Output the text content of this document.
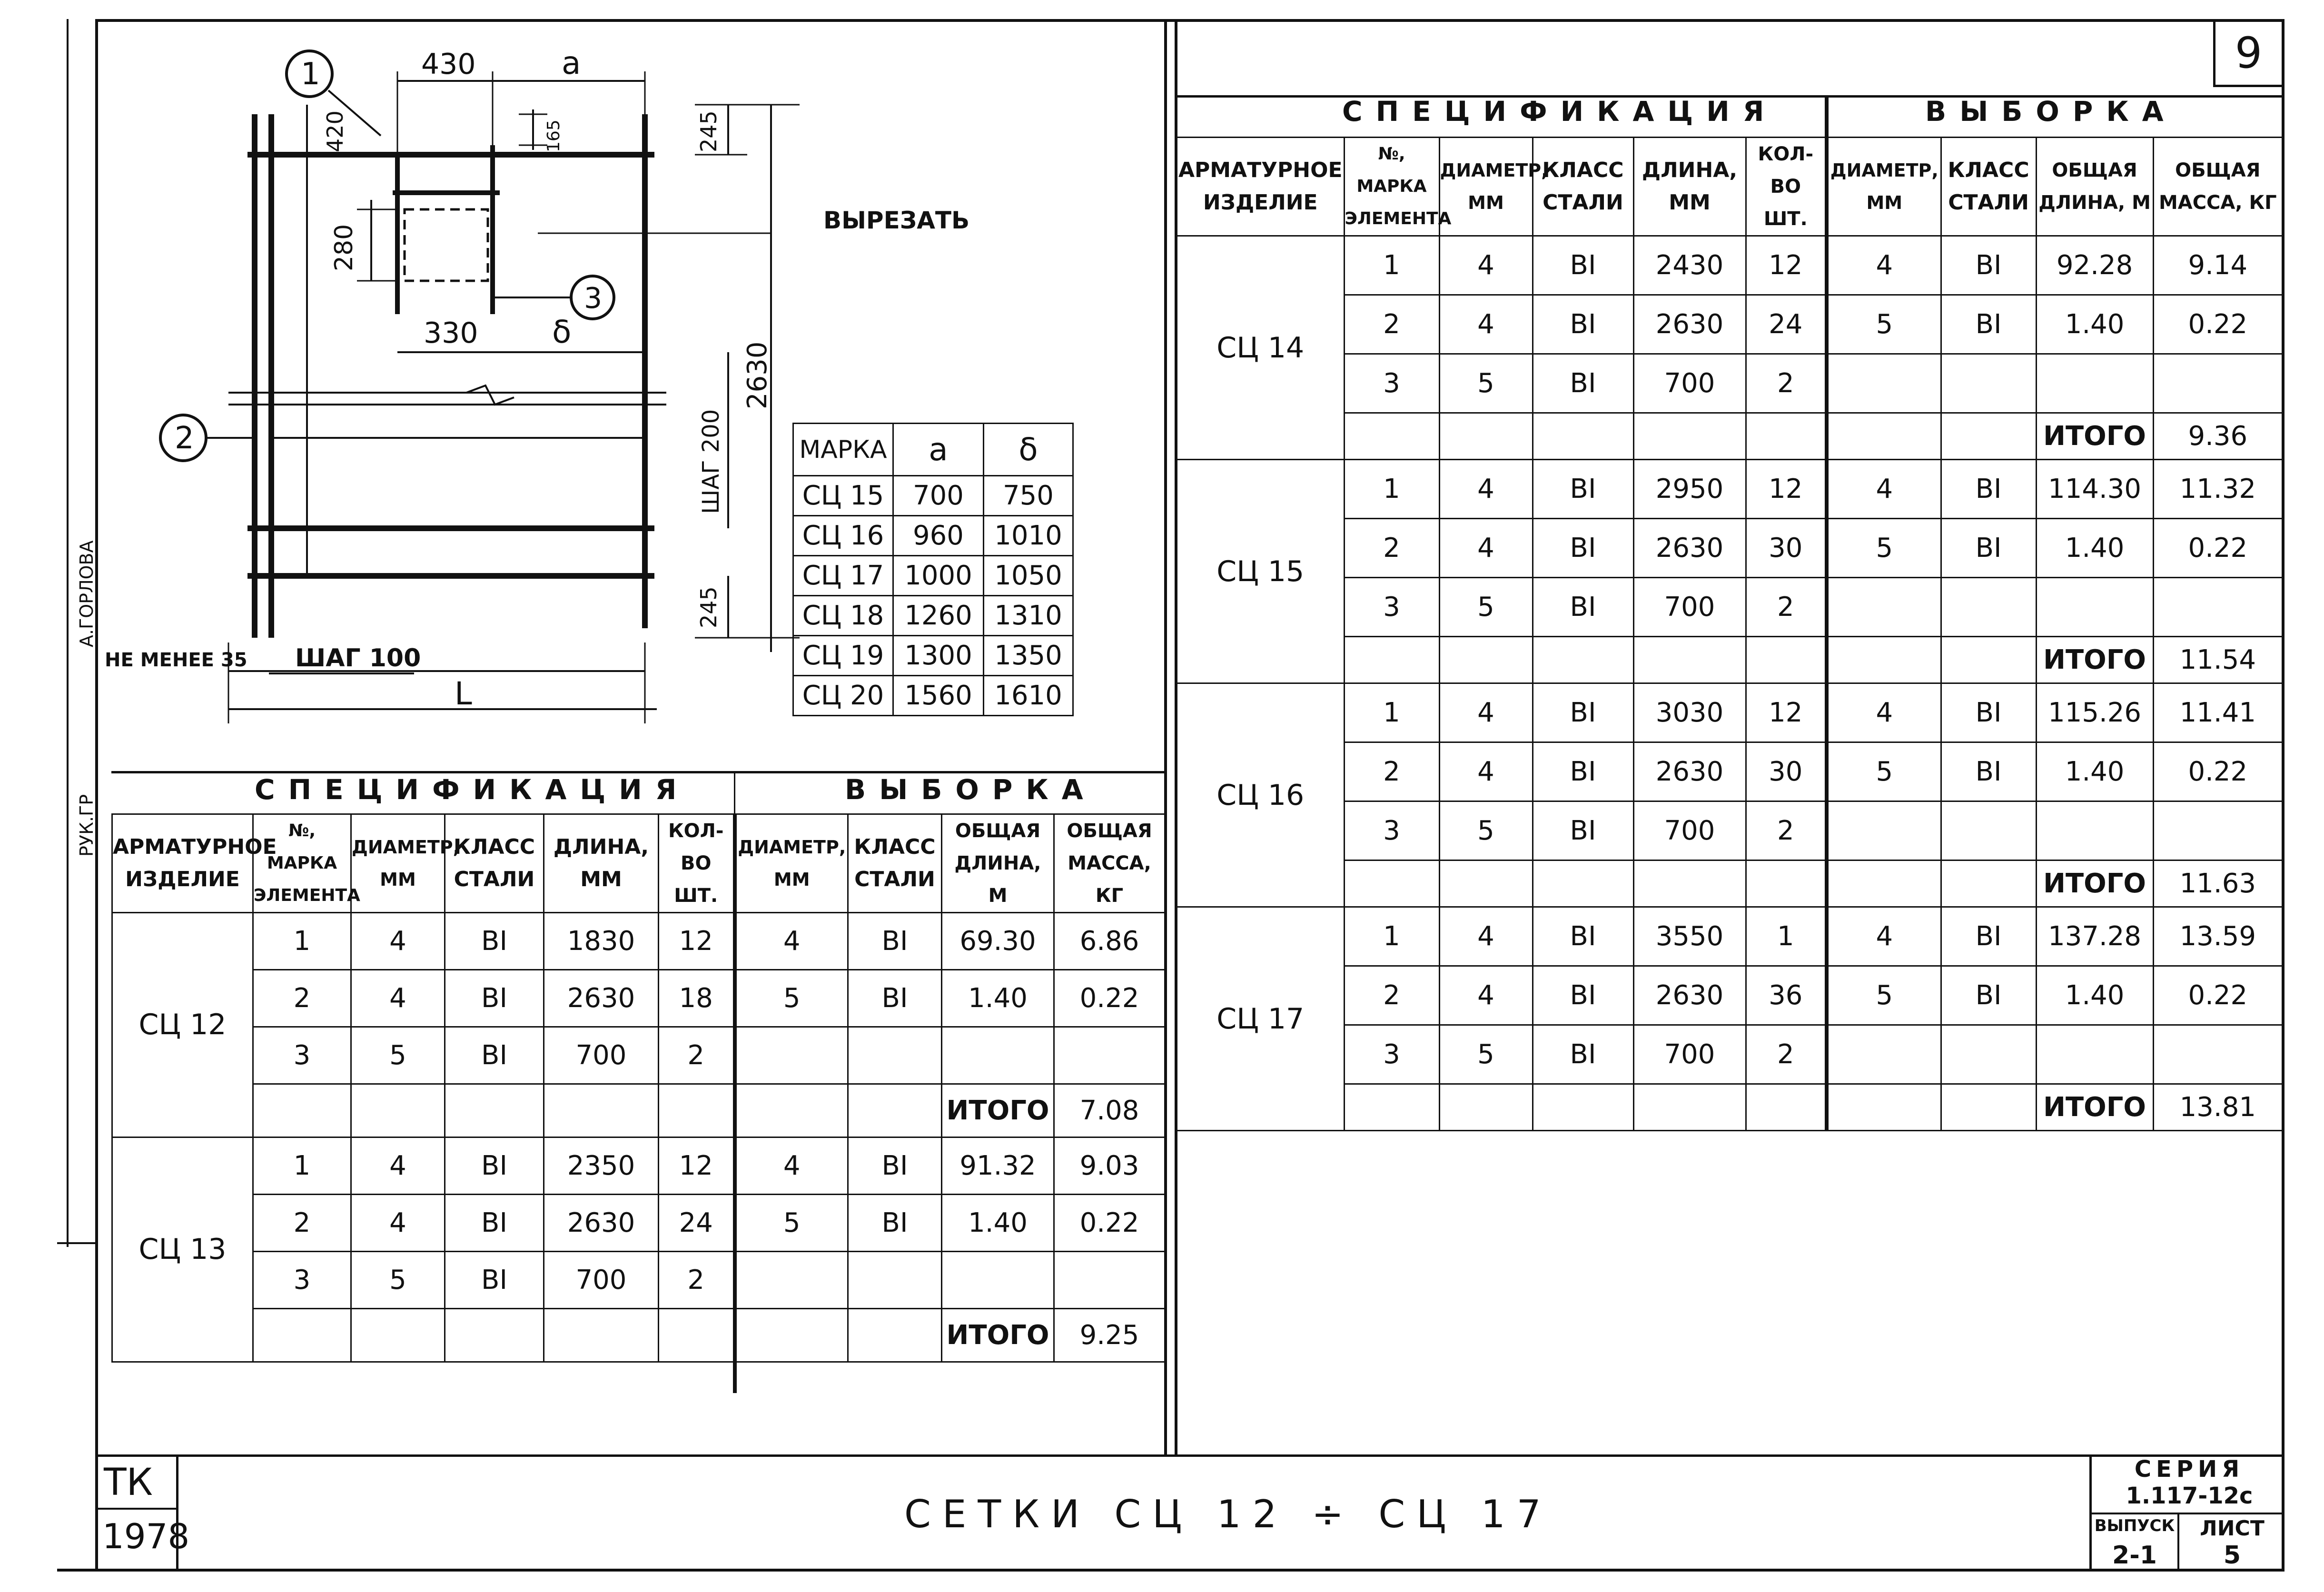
А.ГОРЛОВА
РУК.ГР
9
1
2
3
430	a
420	165	245
280
330 δ
2630
ШАГ 200
245
НЕ МЕНЕЕ 35 ШАГ 100
L
ВЫРЕЗАТЬ
МАРКА	a	δ
СЦ 15	700	750
СЦ 16	960	1010
СЦ 17	1000	1050
СЦ 18	1260	1310
СЦ 19	1300	1350
СЦ 20	1560	1610
СПЕЦИФИКАЦИЯ	ВЫБОРКА

АРМАТУРНОЕ ИЗДЕЛИЕ	№, МАРКА ЭЛЕМЕНТА	ДИАМЕТР, ММ	КЛАСС СТАЛИ	ДЛИНА, ММ	КОЛ-ВО ШТ.	ДИАМЕТР, ММ	КЛАСС СТАЛИ	ОБЩАЯ ДЛИНА, М	ОБЩАЯ МАССА, КГ
СЦ 12	1	4	BI	1830	12	4	BI	69.30	6.86
	2	4	BI	2630	18	5	BI	1.40	0.22
	3	5	BI	700	2				
								ИТОГО	7.08
СЦ 13	1	4	BI	2350	12	4	BI	91.32	9.03
	2	4	BI	2630	24	5	BI	1.40	0.22
	3	5	BI	700	2				
								ИТОГО	9.25

СПЕЦИФИКАЦИЯ	ВЫБОРКА

АРМАТУРНОЕ ИЗДЕЛИЕ	№, МАРКА ЭЛЕМЕНТА	ДИАМЕТР, ММ	КЛАСС СТАЛИ	ДЛИНА, ММ	КОЛ-ВО ШТ.	ДИАМЕТР, ММ	КЛАСС СТАЛИ	ОБЩАЯ ДЛИНА, М	ОБЩАЯ МАССА, КГ
СЦ 14	1	4	BI	2430	12	4	BI	92.28	9.14
	2	4	BI	2630	24	5	BI	1.40	0.22
	3	5	BI	700	2				
								ИТОГО	9.36
СЦ 15	1	4	BI	2950	12	4	BI	114.30	11.32
	2	4	BI	2630	30	5	BI	1.40	0.22
	3	5	BI	700	2				
								ИТОГО	11.54
СЦ 16	1	4	BI	3030	12	4	BI	115.26	11.41
	2	4	BI	2630	30	5	BI	1.40	0.22
	3	5	BI	700	2				
								ИТОГО	11.63
СЦ 17	1	4	BI	3550	1	4	BI	137.28	13.59
	2	4	BI	2630	36	5	BI	1.40	0.22
	3	5	BI	700	2				
								ИТОГО	13.81
ТК
1978	СЕТКИ СЦ 12 ÷ СЦ 17
СЕРИЯ
1.117-12с
ВЫПУСК
2-1
ЛИСТ
5
